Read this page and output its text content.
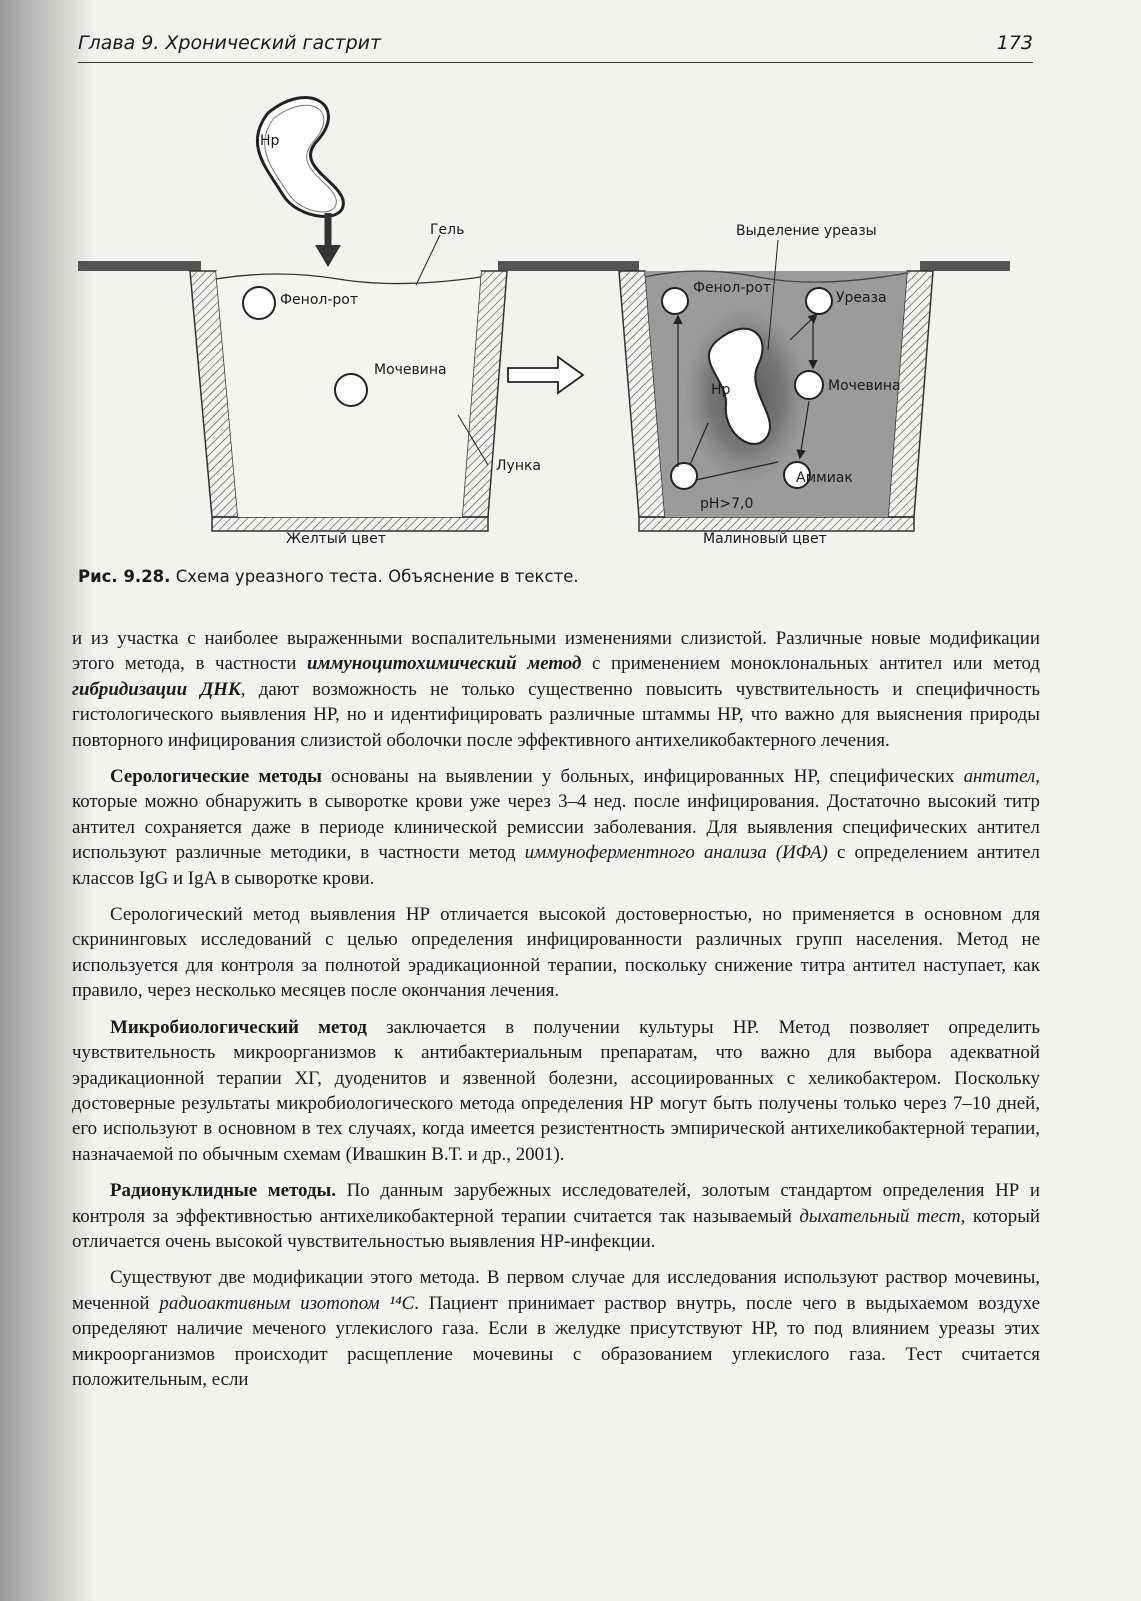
Глава 9. Хронический гастрит	173
Нр
Гель
Фенол-рот
Мочевина
Лунка
Желтый цвет
Выделение уреазы
Фенол-рот
Уреаза
Нр	Мочевина
Аммиак
pH>7,0
Малиновый цвет
Рис. 9.28. Схема уреазного теста. Объяснение в тексте.

и из участка с наиболее выраженными воспалительными изменениями слизистой. Различные новые модификации этого метода, в частности иммуноцитохимический метод с применением моноклональных антител или метод гибридизации ДНК, дают возможность не только существенно повысить чувствительность и специфичность гистологического выявления НР, но и идентифицировать различные штаммы НР, что важно для выяснения природы повторного инфицирования слизистой оболочки после эффективного антихеликобактерного лечения.

Серологические методы основаны на выявлении у больных, инфицированных НР, специфических антител, которые можно обнаружить в сыворотке крови уже через 3–4 нед. после инфицирования. Достаточно высокий титр антител сохраняется даже в периоде клинической ремиссии заболевания. Для выявления специфических антител используют различные методики, в частности метод иммуноферментного анализа (ИФА) с определением антител классов IgG и IgA в сыворотке крови.

Серологический метод выявления НР отличается высокой достоверностью, но применяется в основном для скрининговых исследований с целью определения инфицированности различных групп населения. Метод не используется для контроля за полнотой эрадикационной терапии, поскольку снижение титра антител наступает, как правило, через несколько месяцев после окончания лечения.

Микробиологический метод заключается в получении культуры НР. Метод позволяет определить чувствительность микроорганизмов к антибактериальным препаратам, что важно для выбора адекватной эрадикационной терапии ХГ, дуоденитов и язвенной болезни, ассоциированных с хеликобактером. Поскольку достоверные результаты микробиологического метода определения НР могут быть получены только через 7–10 дней, его используют в основном в тех случаях, когда имеется резистентность эмпирической антихеликобактерной терапии, назначаемой по обычным схемам (Ивашкин В.Т. и др., 2001).

Радионуклидные методы. По данным зарубежных исследователей, золотым стандартом определения НР и контроля за эффективностью антихеликобактерной терапии считается так называемый дыхательный тест, который отличается очень высокой чувствительностью выявления НР-инфекции.

Существуют две модификации этого метода. В первом случае для исследования используют раствор мочевины, меченной радиоактивным изотопом ¹⁴С. Пациент принимает раствор внутрь, после чего в выдыхаемом воздухе определяют наличие меченого углекислого газа. Если в желудке присутствуют НР, то под влиянием уреазы этих микроорганизмов происходит расщепление мочевины с образованием углекислого газа. Тест считается положительным, если
